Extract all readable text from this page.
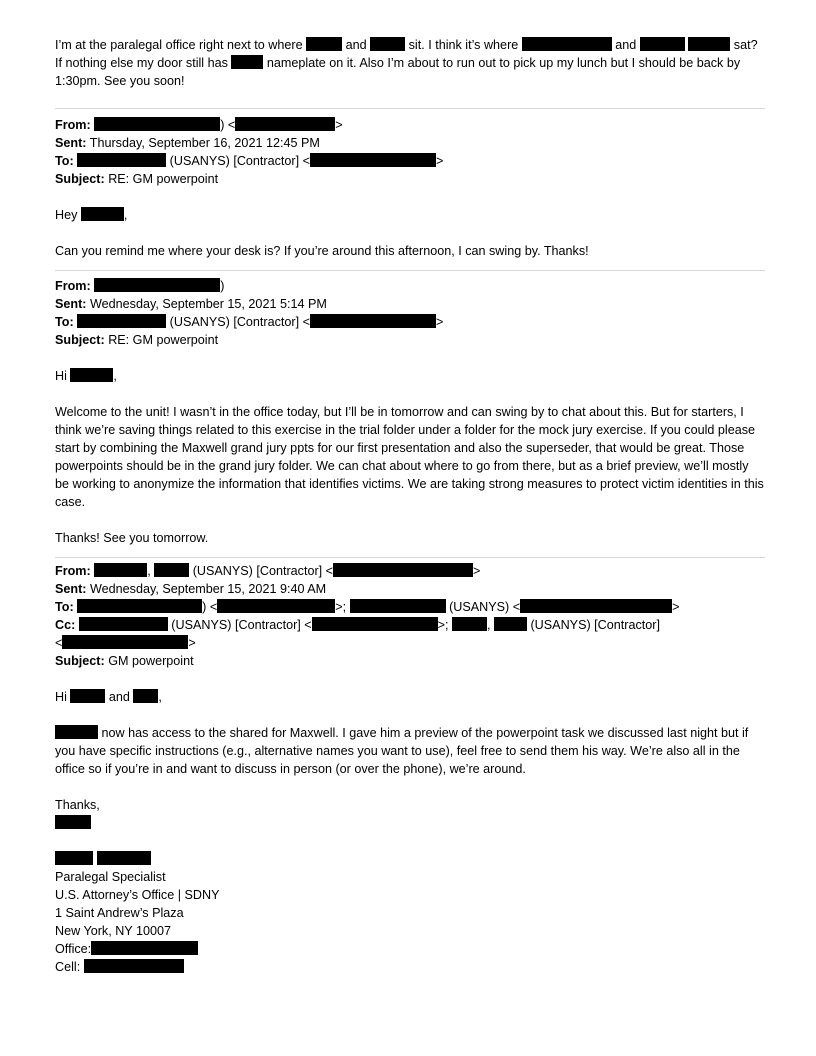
I’m at the paralegal office right next to where	and	sit. I think it’s where	and	sat? If nothing else my door still has	nameplate on it. Also I’m about to run out to pick up my lunch but I should be back by 1:30pm. See you soon!

From:	) <	>
Sent: Thursday, September 16, 2021 12:45 PM
To:	(USANYS) [Contractor] <	>
Subject: RE: GM powerpoint
Hey	,

Can you remind me where your desk is? If you’re around this afternoon, I can swing by. Thanks!

From:	)
Sent: Wednesday, September 15, 2021 5:14 PM
To:	(USANYS) [Contractor] <	>
Subject: RE: GM powerpoint
Hi	,

Welcome to the unit! I wasn’t in the office today, but I’ll be in tomorrow and can swing by to chat about this. But for starters, I think we’re saving things related to this exercise in the trial folder under a folder for the mock jury exercise. If you could please start by combining the Maxwell grand jury ppts for our first presentation and also the superseder, that would be great. Those powerpoints should be in the grand jury folder. We can chat about where to go from there, but as a brief preview, we’ll mostly be working to anonymize the information that identifies victims. We are taking strong measures to protect victim identities in this case.

Thanks! See you tomorrow.

From:	,	(USANYS) [Contractor] <	>
Sent: Wednesday, September 15, 2021 9:40 AM
To:	) <	>;	(USANYS) <	>
Cc:	(USANYS) [Contractor] <	>;	,	(USANYS) [Contractor]
<	>
Subject: GM powerpoint
Hi	and ,

now has access to the shared for Maxwell. I gave him a preview of the powerpoint task we discussed last night but if you have specific instructions (e.g., alternative names you want to use), feel free to send them his way. We’re also all in the office so if you’re in and want to discuss in person (or over the phone), we’re around.

Thanks,

Paralegal Specialist
U.S. Attorney’s Office | SDNY
1 Saint Andrew’s Plaza
New York, NY 10007
Office:
Cell:
